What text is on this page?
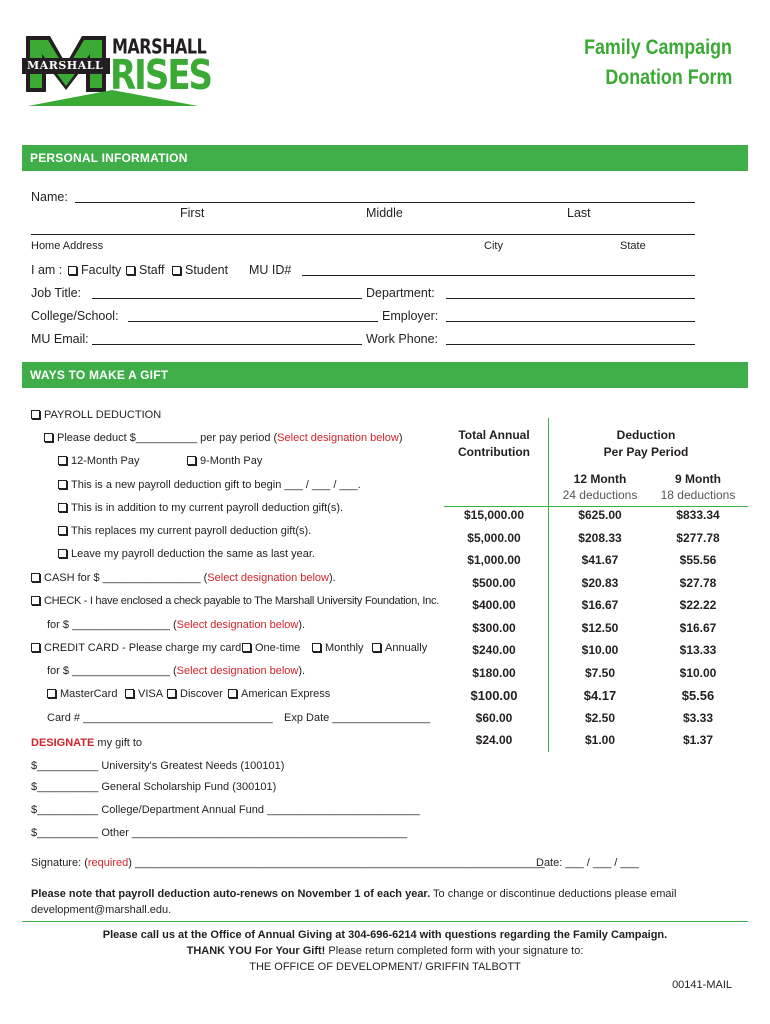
MARSHALL
MARSHALL
RISES
Family Campaign
Donation Form
PERSONAL INFORMATION
Name:
First	Middle	Last
Home Address	City	State
I am :	Faculty	Staff	Student MU ID#
Job Title:	Department:
College/School:	Employer:
MU Email:	Work Phone:
WAYS TO MAKE A GIFT
PAYROLL DEDUCTION
Please deduct $__________ per pay period (Select designation below)
12-Month Pay	9-Month Pay
This is a new payroll deduction gift to begin ___ / ___ / ___.
This is in addition to my current payroll deduction gift(s).
This replaces my current payroll deduction gift(s).
Leave my payroll deduction the same as last year.
CASH for $ ________________ (Select designation below).
CHECK - I have enclosed a check payable to The Marshall University Foundation, Inc.
for $ ________________ (Select designation below).
CREDIT CARD - Please charge my card	One-time	Monthly	Annually
for $ ________________ (Select designation below).
MasterCard	VISA	Discover	American Express
Card # _______________________________ Exp Date ________________
DESIGNATE my gift to
$__________ University's Greatest Needs (100101)
$__________ General Scholarship Fund (300101)
$__________ College/Department Annual Fund _________________________
$__________ Other _____________________________________________
Total Annual
Contribution
Deduction
Per Pay Period
12 Month
24 deductions
9 Month
18 deductions
$15,000.00	$625.00	$833.34
$5,000.00	$208.33	$277.78
$1,000.00	$41.67	$55.56
$500.00	$20.83	$27.78
$400.00	$16.67	$22.22
$300.00	$12.50	$16.67
$240.00	$10.00	$13.33
$180.00	$7.50	$10.00
$100.00	$4.17	$5.56
$60.00	$2.50	$3.33
$24.00	$1.00	$1.37
Signature: (required) ___________________________________________________________________
Date: ___ / ___ / ___
Please note that payroll deduction auto-renews on November 1 of each year. To change or discontinue deductions please email
development@marshall.edu.
Please call us at the Office of Annual Giving at 304-696-6214 with questions regarding the Family Campaign.
THANK YOU For Your Gift! Please return completed form with your signature to:
THE OFFICE OF DEVELOPMENT/ GRIFFIN TALBOTT
00141-MAIL
